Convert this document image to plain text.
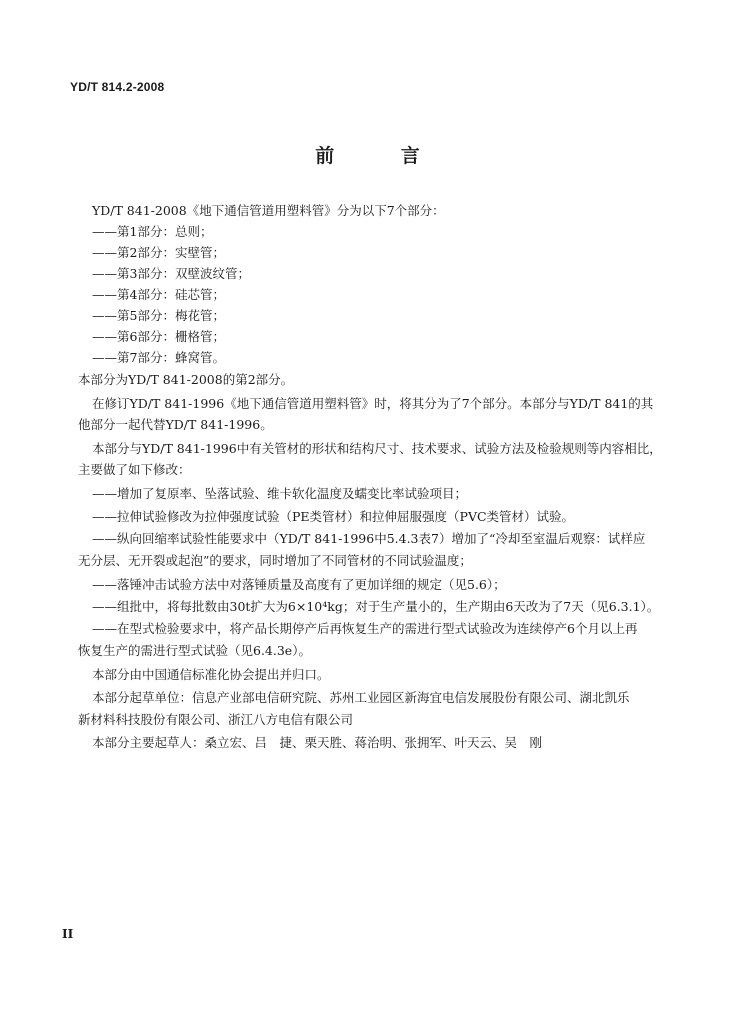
YD/T 814.2-2008
前 言
YD/T 841-2008《地下通信管道用塑料管》分为以下7个部分：
——第1部分：总则；
——第2部分：实壁管；
——第3部分：双壁波纹管；
——第4部分：硅芯管；
——第5部分：梅花管；
——第6部分：栅格管；
——第7部分：蜂窝管。
本部分为YD/T 841-2008的第2部分。
在修订YD/T 841-1996《地下通信管道用塑料管》时，将其分为了7个部分。本部分与YD/T 841的其
他部分一起代替YD/T 841-1996。
本部分与YD/T 841-1996中有关管材的形状和结构尺寸、技术要求、试验方法及检验规则等内容相比，
主要做了如下修改：
——增加了复原率、坠落试验、维卡软化温度及蠕变比率试验项目；
——拉伸试验修改为拉伸强度试验（PE类管材）和拉伸屈服强度（PVC类管材）试验。
——纵向回缩率试验性能要求中（YD/T 841-1996中5.4.3表7）增加了“冷却至室温后观察：试样应
无分层、无开裂或起泡”的要求，同时增加了不同管材的不同试验温度；
——落锤冲击试验方法中对落锤质量及高度有了更加详细的规定（见5.6）；
——组批中，将每批数由30t扩大为6×10⁴kg；对于生产量小的，生产期由6天改为了7天（见6.3.1）。
——在型式检验要求中，将产品长期停产后再恢复生产的需进行型式试验改为连续停产6个月以上再
恢复生产的需进行型式试验（见6.4.3e）。
本部分由中国通信标准化协会提出并归口。
本部分起草单位：信息产业部电信研究院、苏州工业园区新海宜电信发展股份有限公司、湖北凯乐
新材料科技股份有限公司、浙江八方电信有限公司
本部分主要起草人：桑立宏、吕　捷、栗天胜、蒋治明、张拥军、叶天云、吴　刚
II
